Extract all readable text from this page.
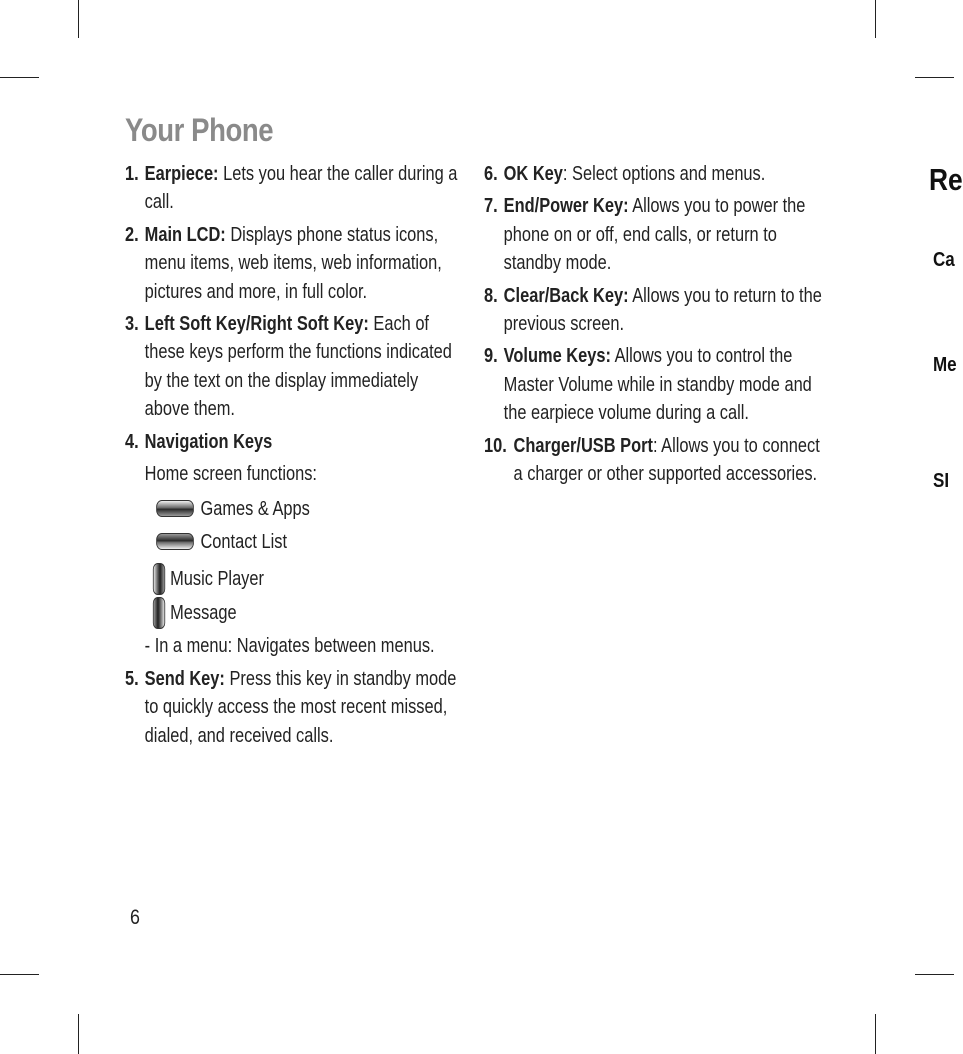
Your Phone
1. Earpiece: Lets you hear the caller during a call.
2. Main LCD: Displays phone status icons, menu items, web items, web information, pictures and more, in full color.
3. Left Soft Key/Right Soft Key: Each of these keys perform the functions indicated by the text on the display immediately above them.
4. Navigation Keys
Home screen functions:
Games & Apps
Contact List
Music Player
Message
- In a menu: Navigates between menus.
5. Send Key: Press this key in standby mode to quickly access the most recent missed, dialed, and received calls.
6. OK Key: Select options and menus.
7. End/Power Key: Allows you to power the phone on or off, end calls, or return to standby mode.
8. Clear/Back Key: Allows you to return to the previous screen.
9. Volume Keys: Allows you to control the Master Volume while in standby mode and the earpiece volume during a call.
10. Charger/USB Port: Allows you to connect a charger or other supported accessories.
6
Re
Ca
Me
SI
